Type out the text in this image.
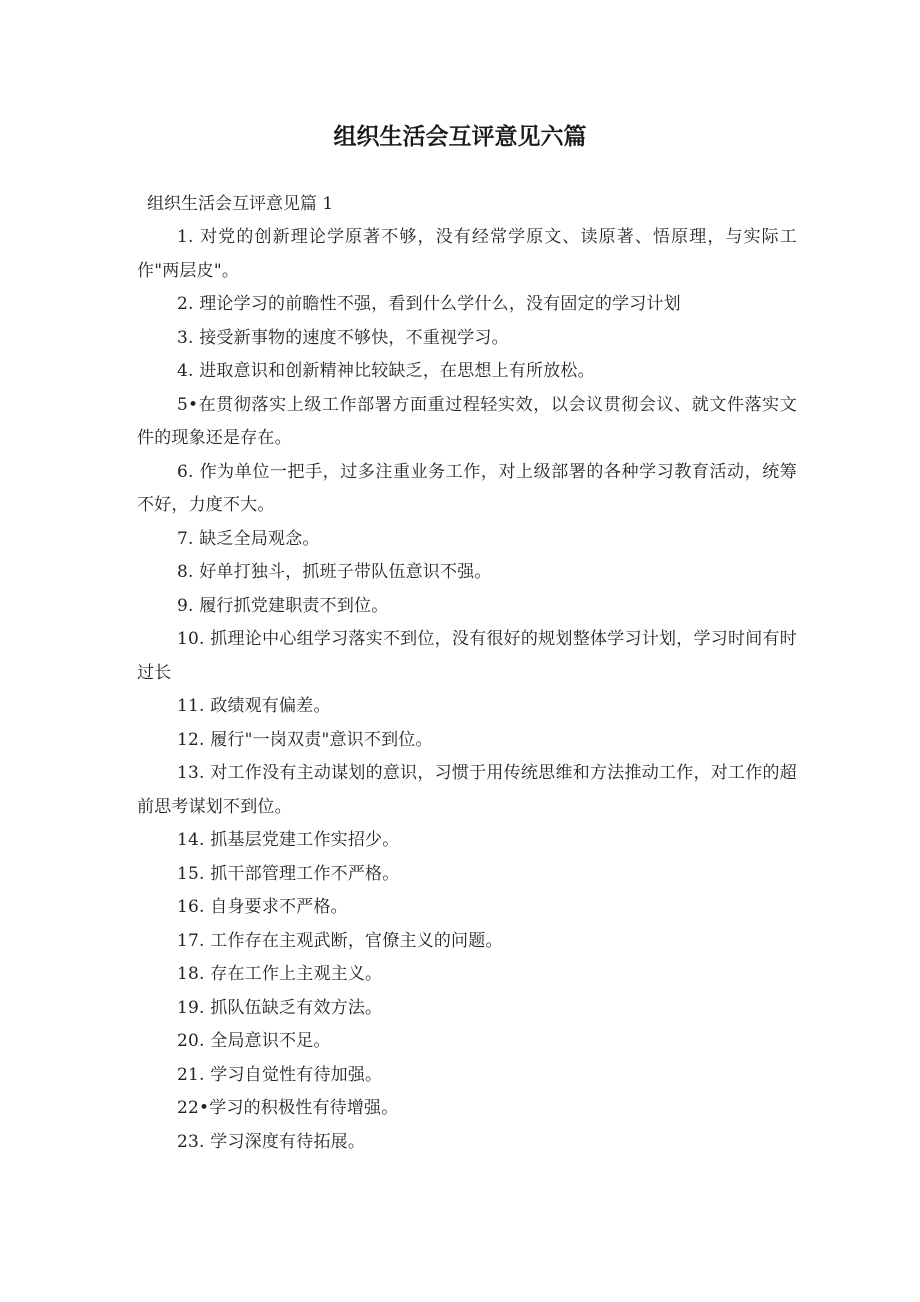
组织生活会互评意见六篇
组织生活会互评意见篇 1

1. 对党的创新理论学原著不够，没有经常学原文、读原著、悟原理，与实际工作"两层皮"。

2. 理论学习的前瞻性不强，看到什么学什么，没有固定的学习计划

3. 接受新事物的速度不够快，不重视学习。

4. 进取意识和创新精神比较缺乏，在思想上有所放松。

5•在贯彻落实上级工作部署方面重过程轻实效，以会议贯彻会议、就文件落实文件的现象还是存在。

6. 作为单位一把手，过多注重业务工作，对上级部署的各种学习教育活动，统筹不好，力度不大。

7. 缺乏全局观念。

8. 好单打独斗，抓班子带队伍意识不强。

9. 履行抓党建职责不到位。

10. 抓理论中心组学习落实不到位，没有很好的规划整体学习计划，学习时间有时过长

11. 政绩观有偏差。

12. 履行"一岗双责"意识不到位。

13. 对工作没有主动谋划的意识，习惯于用传统思维和方法推动工作，对工作的超前思考谋划不到位。

14. 抓基层党建工作实招少。

15. 抓干部管理工作不严格。

16. 自身要求不严格。

17. 工作存在主观武断，官僚主义的问题。

18. 存在工作上主观主义。

19. 抓队伍缺乏有效方法。

20. 全局意识不足。

21. 学习自觉性有待加强。

22•学习的积极性有待增强。

23. 学习深度有待拓展。
